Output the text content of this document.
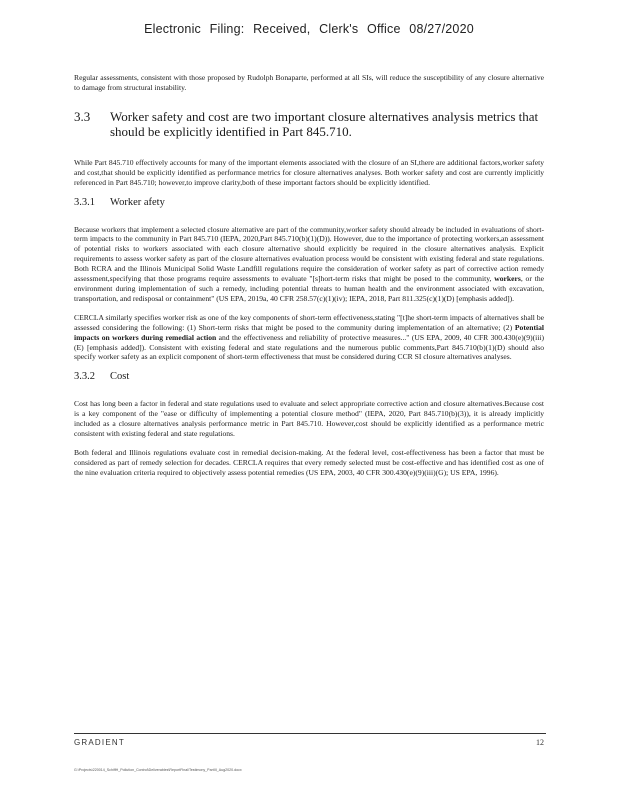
Electronic Filing: Received, Clerk's Office 08/27/2020

Regular assessments, consistent with those proposed by Rudolph Bonaparte, performed at all SIs, will reduce the susceptibility of any closure alternative to damage from structural instability.

3.3	Worker safety and cost are two important closure alternatives analysis metrics that should be explicitly identified in Part 845.710.

While Part 845.710 effectively accounts for many of the important elements associated with the closure of an SI,there are additional factors,worker safety and cost,that should be explicitly identified as performance metrics for closure alternatives analyses. Both worker safety and cost are currently implicitly referenced in Part 845.710; however,to improve clarity,both of these important factors should be explicitly identified.

3.3.1	Worker afety

Because workers that implement a selected closure alternative are part of the community,worker safety should already be included in evaluations of short-term impacts to the community in Part 845.710 (IEPA, 2020,Part 845.710(b)(1)(D)). However, due to the importance of protecting workers,an assessment of potential risks to workers associated with each closure alternative should explicitly be required in the closure alternatives analysis. Explicit requirements to assess worker safety as part of the closure alternatives evaluation process would be consistent with existing federal and state regulations. Both RCRA and the Illinois Municipal Solid Waste Landfill regulations require the consideration of worker safety as part of corrective action remedy assessment,specifying that those programs require assessments to evaluate "[s]hort-term risks that might be posed to the community, workers, or the environment during implementation of such a remedy, including potential threats to human health and the environment associated with excavation, transportation, and redisposal or containment" (US EPA, 2019a, 40 CFR 258.57(c)(1)(iv); IEPA, 2018, Part 811.325(c)(1)(D) [emphasis added]).

CERCLA similarly specifies worker risk as one of the key components of short-term effectiveness,stating "[t]he short-term impacts of alternatives shall be assessed considering the following: (1) Short-term risks that might be posed to the community during implementation of an alternative; (2) Potential impacts on workers during remedial action and the effectiveness and reliability of protective measures..." (US EPA, 2009, 40 CFR 300.430(e)(9)(iii)(E) [emphasis added]). Consistent with existing federal and state regulations and the numerous public comments,Part 845.710(b)(1)(D) should also specify worker safety as an explicit component of short-term effectiveness that must be considered during CCR SI closure alternatives analyses.

3.3.2	Cost

Cost has long been a factor in federal and state regulations used to evaluate and select appropriate corrective action and closure alternatives.Because cost is a key component of the "ease or difficulty of implementing a potential closure method" (IEPA, 2020, Part 845.710(b)(3)), it is already implicitly included as a closure alternatives analysis performance metric in Part 845.710. However,cost should be explicitly identified as a performance metric consistent with existing federal and state regulations.

Both federal and Illinois regulations evaluate cost in remedial decision-making. At the federal level, cost-effectiveness has been a factor that must be considered as part of remedy selection for decades. CERCLA requires that every remedy selected must be cost-effective and has identified cost as one of the nine evaluation criteria required to objectively assess potential remedies (US EPA, 2003, 40 CFR 300.430(e)(9)(iii)(G); US EPA, 1996).

GRADIENT	12
G:\Projects\220014_SchiffH_Pollution_Control\Deliverables\ReportFinal\Testimony_PartIII_Aug2020.docx
